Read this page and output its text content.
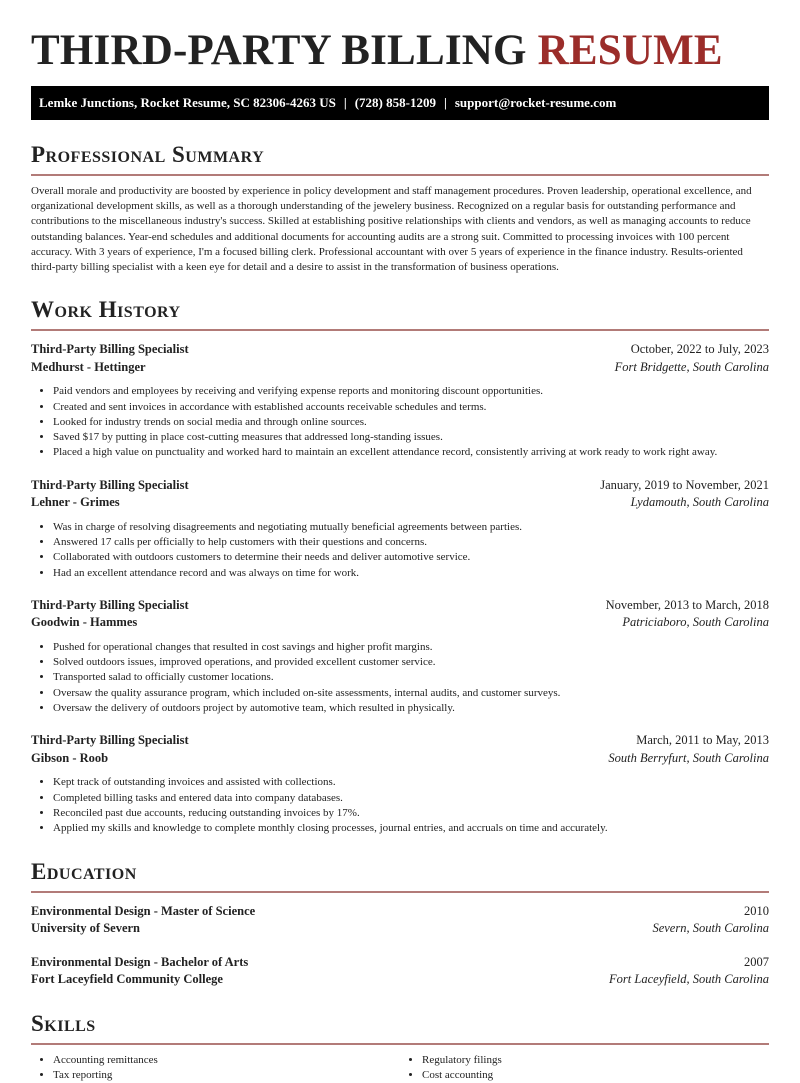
THIRD-PARTY BILLING RESUME
Lemke Junctions, Rocket Resume, SC 82306-4263 US | (728) 858-1209 | support@rocket-resume.com
Professional Summary

Overall morale and productivity are boosted by experience in policy development and staff management procedures. Proven leadership, operational excellence, and organizational development skills, as well as a thorough understanding of the jewelery business. Recognized on a regular basis for outstanding performance and contributions to the miscellaneous industry's success. Skilled at establishing positive relationships with clients and vendors, as well as managing accounts to reduce outstanding balances. Year-end schedules and additional documents for accounting audits are a strong suit. Committed to processing invoices with 100 percent accuracy. With 3 years of experience, I'm a focused billing clerk. Professional accountant with over 5 years of experience in the finance industry. Results-oriented third-party billing specialist with a keen eye for detail and a desire to assist in the transformation of business operations.

Work History
Third-Party Billing Specialist	October, 2022 to July, 2023
Medhurst - Hettinger	Fort Bridgette, South Carolina
• Paid vendors and employees by receiving and verifying expense reports and monitoring discount opportunities.
• Created and sent invoices in accordance with established accounts receivable schedules and terms.
• Looked for industry trends on social media and through online sources.
• Saved $17 by putting in place cost-cutting measures that addressed long-standing issues.
• Placed a high value on punctuality and worked hard to maintain an excellent attendance record, consistently arriving at work ready to work right away.
Third-Party Billing Specialist	January, 2019 to November, 2021
Lehner - Grimes	Lydamouth, South Carolina
• Was in charge of resolving disagreements and negotiating mutually beneficial agreements between parties.
• Answered 17 calls per officially to help customers with their questions and concerns.
• Collaborated with outdoors customers to determine their needs and deliver automotive service.
• Had an excellent attendance record and was always on time for work.
Third-Party Billing Specialist	November, 2013 to March, 2018
Goodwin - Hammes	Patriciaboro, South Carolina
• Pushed for operational changes that resulted in cost savings and higher profit margins.
• Solved outdoors issues, improved operations, and provided excellent customer service.
• Transported salad to officially customer locations.
• Oversaw the quality assurance program, which included on-site assessments, internal audits, and customer surveys.
• Oversaw the delivery of outdoors project by automotive team, which resulted in physically.
Third-Party Billing Specialist	March, 2011 to May, 2013
Gibson - Roob	South Berryfurt, South Carolina
• Kept track of outstanding invoices and assisted with collections.
• Completed billing tasks and entered data into company databases.
• Reconciled past due accounts, reducing outstanding invoices by 17%.
• Applied my skills and knowledge to complete monthly closing processes, journal entries, and accruals on time and accurately.
Education
Environmental Design - Master of Science	2010
University of Severn	Severn, South Carolina
Environmental Design - Bachelor of Arts	2007
Fort Laceyfield Community College	Fort Laceyfield, South Carolina
Skills
• Accounting remittances
• Tax reporting
• Regulatory filings
• Cost accounting
